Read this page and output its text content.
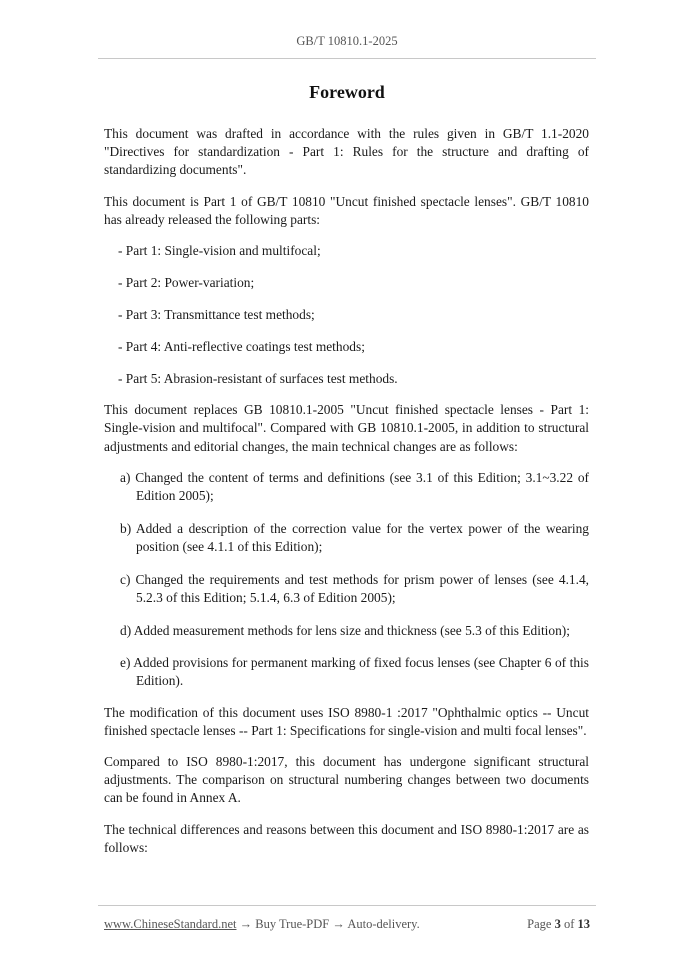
GB/T 10810.1-2025
Foreword

This document was drafted in accordance with the rules given in GB/T 1.1-2020 "Directives for standardization - Part 1: Rules for the structure and drafting of standardizing documents".

This document is Part 1 of GB/T 10810 "Uncut finished spectacle lenses". GB/T 10810 has already released the following parts:

- Part 1: Single-vision and multifocal;
- Part 2: Power-variation;
- Part 3: Transmittance test methods;
- Part 4: Anti-reflective coatings test methods;
- Part 5: Abrasion-resistant of surfaces test methods.

This document replaces GB 10810.1-2005 "Uncut finished spectacle lenses - Part 1: Single-vision and multifocal". Compared with GB 10810.1-2005, in addition to structural adjustments and editorial changes, the main technical changes are as follows:

a) Changed the content of terms and definitions (see 3.1 of this Edition; 3.1~3.22 of Edition 2005);
b) Added a description of the correction value for the vertex power of the wearing position (see 4.1.1 of this Edition);
c) Changed the requirements and test methods for prism power of lenses (see 4.1.4, 5.2.3 of this Edition; 5.1.4, 6.3 of Edition 2005);
d) Added measurement methods for lens size and thickness (see 5.3 of this Edition);
e) Added provisions for permanent marking of fixed focus lenses (see Chapter 6 of this Edition).

The modification of this document uses ISO 8980-1 :2017 "Ophthalmic optics -- Uncut finished spectacle lenses -- Part 1: Specifications for single-vision and multi focal lenses".

Compared to ISO 8980-1:2017, this document has undergone significant structural adjustments. The comparison on structural numbering changes between two documents can be found in Annex A.

The technical differences and reasons between this document and ISO 8980-1:2017 are as follows:

www.ChineseStandard.net → Buy True-PDF → Auto-delivery.	Page 3 of 13
